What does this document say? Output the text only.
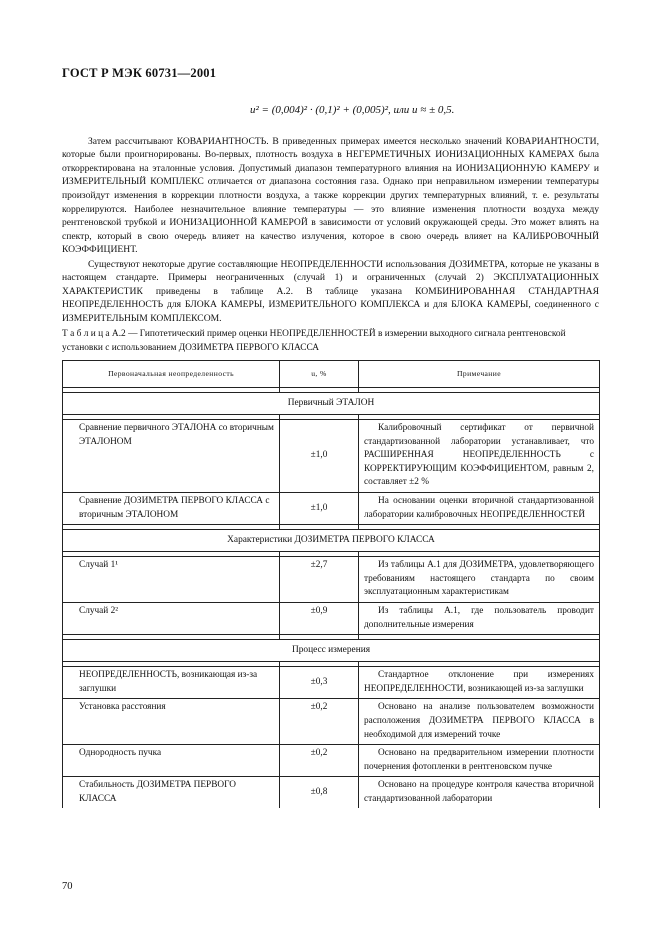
ГОСТ Р МЭК 60731—2001
u² = (0,004)² · (0,1)² + (0,005)², или u ≈ ± 0,5.

Затем рассчитывают КОВАРИАНТНОСТЬ. В приведенных примерах имеется несколько значений КОВАРИАНТНОСТИ, которые были проигнорированы. Во-первых, плотность воздуха в НЕГЕРМЕТИЧНЫХ ИОНИЗАЦИОННЫХ КАМЕРАХ была откорректирована на эталонные условия. Допустимый диапазон температурного влияния на ИОНИЗАЦИОННУЮ КАМЕРУ и ИЗМЕРИТЕЛЬНЫЙ КОМПЛЕКС отличается от диапазона состояния газа. Однако при неправильном измерении температуры произойдут изменения в коррекции плотности воздуха, а также коррекции других температурных влияний, т. е. результаты коррелируются. Наиболее незначительное влияние температуры — это влияние изменения плотности воздуха между рентгеновской трубкой и ИОНИЗАЦИОННОЙ КАМЕРОЙ в зависимости от условий окружающей среды. Это может влиять на спектр, который в свою очередь влияет на качество излучения, которое в свою очередь влияет на КАЛИБРОВОЧНЫЙ КОЭФФИЦИЕНТ.

Существуют некоторые другие составляющие НЕОПРЕДЕЛЕННОСТИ использования ДОЗИМЕТРА, которые не указаны в настоящем стандарте. Примеры неограниченных (случай 1) и ограниченных (случай 2) ЭКСПЛУАТАЦИОННЫХ ХАРАКТЕРИСТИК приведены в таблице А.2. В таблице указана КОМБИНИРОВАННАЯ СТАНДАРТНАЯ НЕОПРЕДЕЛЕННОСТЬ для БЛОКА КАМЕРЫ, ИЗМЕРИТЕЛЬНОГО КОМПЛЕКСА и для БЛОКА КАМЕРЫ, соединенного с ИЗМЕРИТЕЛЬНЫМ КОМПЛЕКСОМ.

Т а б л и ц а А.2 — Гипотетический пример оценки НЕОПРЕДЕЛЕННОСТЕЙ в измерении выходного сигнала рентгеновской установки с использованием ДОЗИМЕТРА ПЕРВОГО КЛАССА
Первоначальная неопределенность	u, %	Примечание

Первичный ЭТАЛОН		

Сравнение первичного ЭТАЛОНА со вторичным ЭТАЛОНОМ	±1,0	Калибровочный сертификат от первичной стандартизованной лаборатории устанавливает, что РАСШИРЕННАЯ НЕОПРЕДЕЛЕННОСТЬ с КОРРЕКТИРУЮЩИМ КОЭФФИЦИЕНТОМ, равным 2, составляет ±2 %
Сравнение ДОЗИМЕТРА ПЕРВОГО КЛАССА с вторичным ЭТАЛОНОМ	±1,0	На основании оценки вторичной стандартизованной лаборатории калибровочных НЕОПРЕДЕЛЕННОСТЕЙ

Характеристики ДОЗИМЕТРА ПЕРВОГО КЛАССА		

Случай 1¹	±2,7	Из таблицы А.1 для ДОЗИМЕТРА, удовлетворяющего требованиям настоящего стандарта по своим эксплуатационным характеристикам
Случай 2²	±0,9	Из таблицы А.1, где пользователь проводит дополнительные измерения

Процесс измерения		

НЕОПРЕДЕЛЕННОСТЬ, возникающая из-за заглушки	±0,3	Стандартное отклонение при измерениях НЕОПРЕДЕЛЕННОСТИ, возникающей из-за заглушки
Установка расстояния	±0,2	Основано на анализе пользователем возможности расположения ДОЗИМЕТРА ПЕРВОГО КЛАССА в необходимой для измерений точке
Однородность пучка	±0,2	Основано на предварительном измерении плотности почернения фотопленки в рентгеновском пучке
Стабильность ДОЗИМЕТРА ПЕРВОГО КЛАССА	±0,8	Основано на процедуре контроля качества вторичной стандартизованной лаборатории
70
